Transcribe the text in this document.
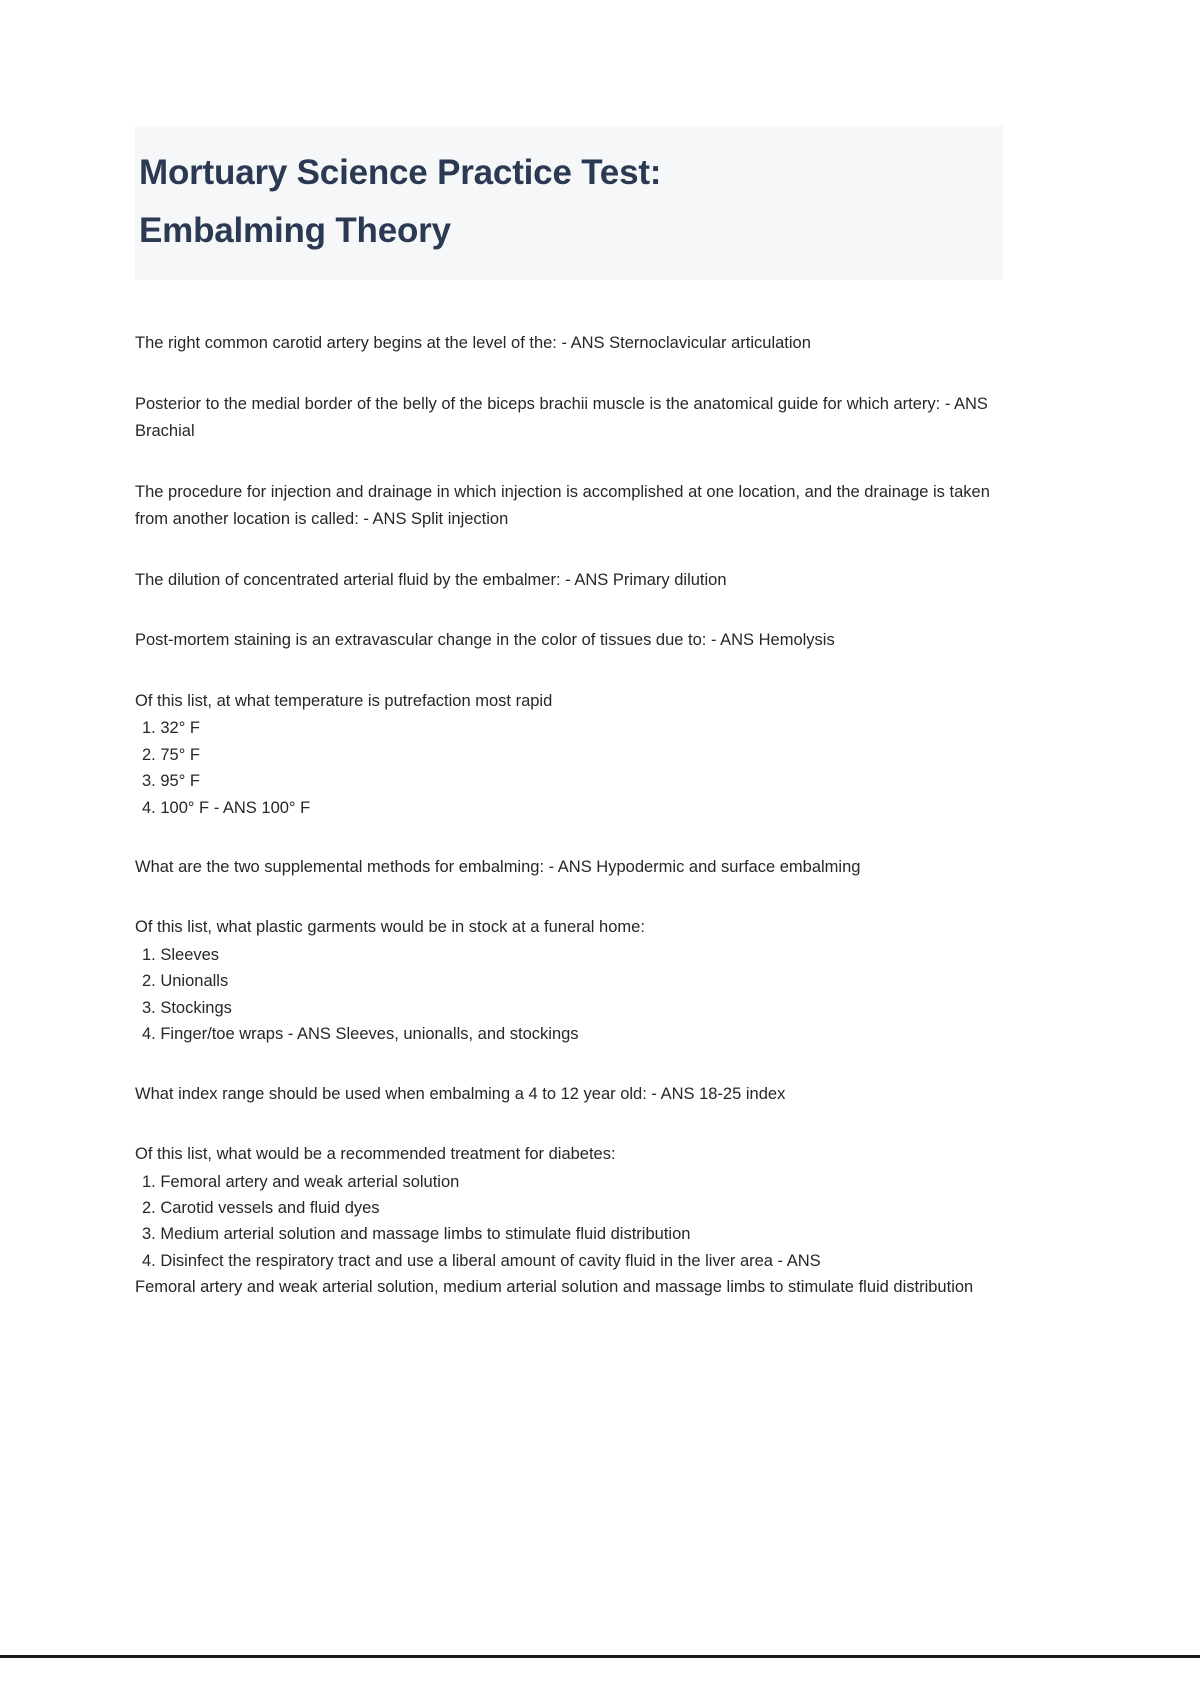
Mortuary Science Practice Test:
Embalming Theory

The right common carotid artery begins at the level of the: - ANS Sternoclavicular articulation

Posterior to the medial border of the belly of the biceps brachii muscle is the anatomical guide for which artery: - ANS Brachial

The procedure for injection and drainage in which injection is accomplished at one location, and the drainage is taken from another location is called: - ANS Split injection

The dilution of concentrated arterial fluid by the embalmer: - ANS Primary dilution

Post-mortem staining is an extravascular change in the color of tissues due to: - ANS Hemolysis

Of this list, at what temperature is putrefaction most rapid

1. 32° F
2. 75° F
3. 95° F
4. 100° F - ANS 100° F

What are the two supplemental methods for embalming: - ANS Hypodermic and surface embalming

Of this list, what plastic garments would be in stock at a funeral home:

1. Sleeves
2. Unionalls
3. Stockings
4. Finger/toe wraps - ANS Sleeves, unionalls, and stockings

What index range should be used when embalming a 4 to 12 year old: - ANS 18-25 index

Of this list, what would be a recommended treatment for diabetes:

1. Femoral artery and weak arterial solution
2. Carotid vessels and fluid dyes
3. Medium arterial solution and massage limbs to stimulate fluid distribution
4. Disinfect the respiratory tract and use a liberal amount of cavity fluid in the liver area - ANS

Femoral artery and weak arterial solution, medium arterial solution and massage limbs to stimulate fluid distribution
